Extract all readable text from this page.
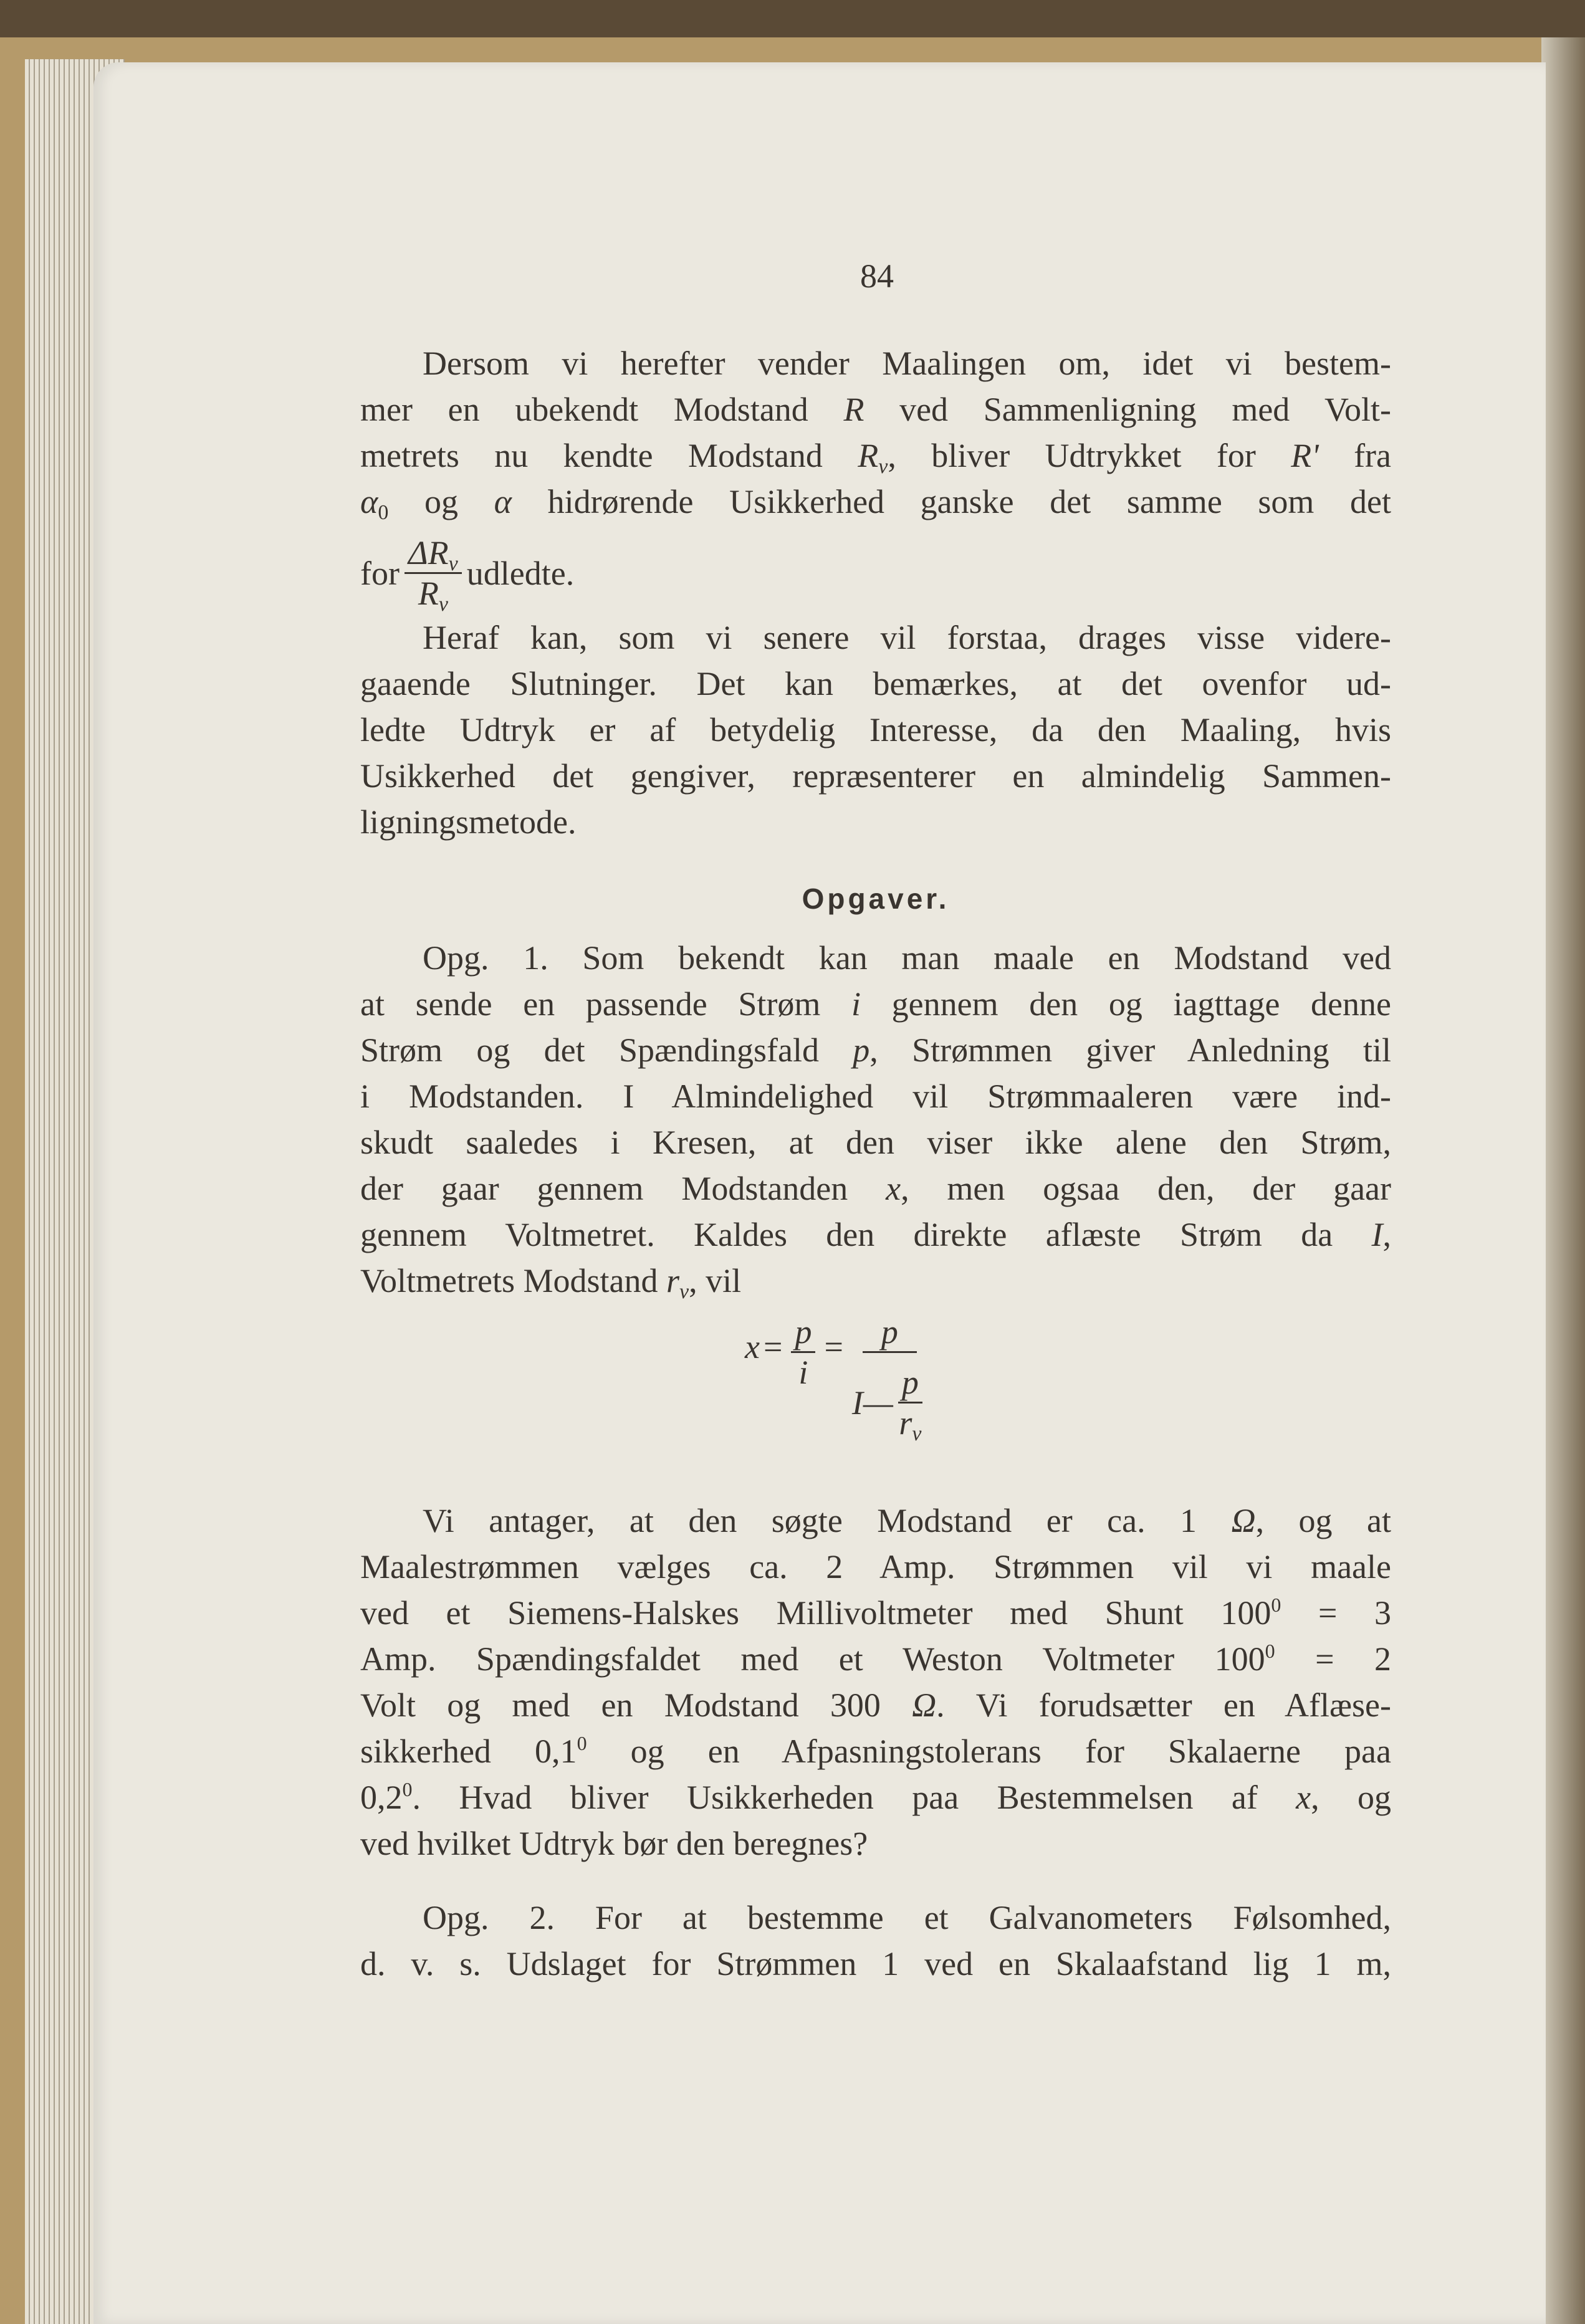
84
Dersom vi herefter vender Maalingen om, idet vi bestem-
mer en ubekendt Modstand R ved Sammenligning med Volt-
metrets nu kendte Modstand $R_v$, bliver Udtrykket for R' fra
$\alpha_0$ og α hidrørende Usikkerhed ganske det samme som det
for $\frac{\Delta R_v}{R_v}$ udledte.
Heraf kan, som vi senere vil forstaa, drages visse videre-
gaaende Slutninger. Det kan bemærkes, at det ovenfor ud-
ledte Udtryk er af betydelig Interesse, da den Maaling, hvis
Usikkerhed det gengiver, repræsenterer en almindelig Sammen-
ligningsmetode.
Opgaver.
Opg. 1. Som bekendt kan man maale en Modstand ved
at sende en passende Strøm i gennem den og iagttage denne
Strøm og det Spændingsfald p, Strømmen giver Anledning til
i Modstanden. I Almindelighed vil Strømmaaleren være ind-
skudt saaledes i Kresen, at den viser ikke alene den Strøm,
der gaar gennem Modstanden x, men ogsaa den, der gaar
gennem Voltmetret. Kaldes den direkte aflæste Strøm da I,
Voltmetrets Modstand $r_v$, vil
$x = \frac{p}{i} = \frac{p}{I— \frac{p}{r_v}}$
Vi antager, at den søgte Modstand er ca. 1 Ω, og at
Maalestrømmen vælges ca. 2 Amp. Strømmen vil vi maale
ved et Siemens-Halskes Millivoltmeter med Shunt $100^0 = 3$
Amp. Spændingsfaldet med et Weston Voltmeter $100^0 = 2$
Volt og med en Modstand 300 Ω. Vi forudsætter en Aflæse-
sikkerhed $0,1^0$ og en Afpasningstolerans for Skalaerne paa
$0,2^0$. Hvad bliver Usikkerheden paa Bestemmelsen af x, og
ved hvilket Udtryk bør den beregnes?
Opg. 2. For at bestemme et Galvanometers Følsomhed,
d. v. s. Udslaget for Strømmen 1 ved en Skalaafstand lig 1 m,
